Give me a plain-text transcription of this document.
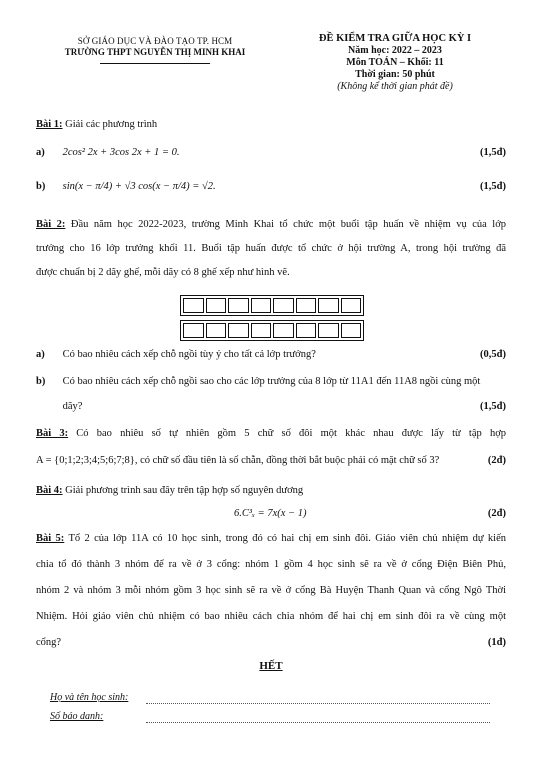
SỞ GIÁO DỤC VÀ ĐÀO TẠO TP. HCM
TRƯỜNG THPT NGUYỄN THỊ MINH KHAI
ĐỀ KIỂM TRA GIỮA HỌC KỲ I
Năm học: 2022 – 2023
Môn TOÁN – Khối: 11
Thời gian: 50 phút
(Không kể thời gian phát đề)
Bài 1: Giải các phương trình
a) 2cos² 2x + 3cos 2x + 1 = 0.	(1,5đ)
b) sin(x − π/4) + √3 cos(x − π/4) = √2.	(1,5đ)
Bài 2: Đầu năm học 2022-2023, trường Minh Khai tổ chức một buổi tập huấn về nhiệm vụ của lớp
trưởng cho 16 lớp trưởng khối 11. Buổi tập huấn được tổ chức ở hội trường A, trong hội trường đã
được chuẩn bị 2 dãy ghế, mỗi dãy có 8 ghế xếp như hình vẽ.
a) Có bao nhiêu cách xếp chỗ ngồi tùy ý cho tất cả lớp trưởng?	(0,5đ)
b) Có bao nhiêu cách xếp chỗ ngồi sao cho các lớp trưởng của 8 lớp từ 11A1 đến 11A8 ngồi cùng một
dãy?	(1,5đ)
Bài 3: Có bao nhiêu số tự nhiên gồm 5 chữ số đôi một khác nhau được lấy từ tập hợp
A = {0;1;2;3;4;5;6;7;8}, có chữ số đầu tiên là số chẵn, đồng thời bắt buộc phải có mặt chữ số 3?	(2đ)
Bài 4: Giải phương trình sau đây trên tập hợp số nguyên dương
6.C³ₓ = 7x(x − 1)	(2đ)
Bài 5: Tổ 2 của lớp 11A có 10 học sinh, trong đó có hai chị em sinh đôi. Giáo viên chủ nhiệm dự kiến
chia tổ đó thành 3 nhóm để ra về ở 3 cổng: nhóm 1 gồm 4 học sinh sẽ ra về ở cổng Điện Biên Phủ,
nhóm 2 và nhóm 3 mỗi nhóm gồm 3 học sinh sẽ ra về ở cổng Bà Huyện Thanh Quan và cổng Ngô Thời
Nhiệm. Hỏi giáo viên chủ nhiệm có bao nhiêu cách chia nhóm để hai chị em sinh đôi ra về cùng một
cổng?	(1đ)
HẾT
Họ và tên học sinh:
Số báo danh:
